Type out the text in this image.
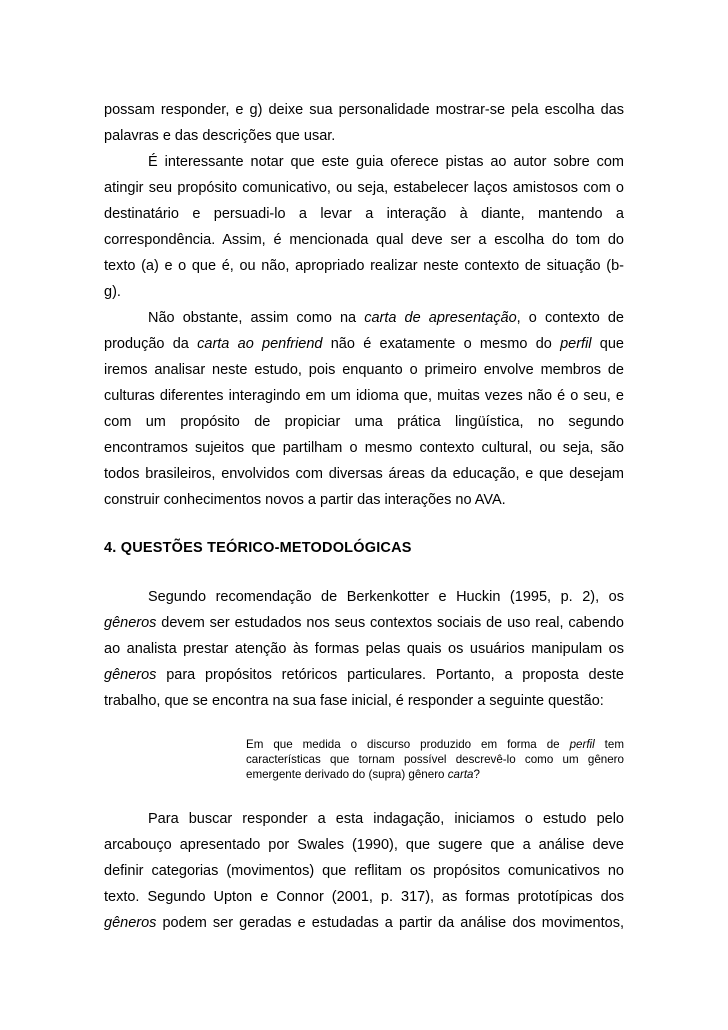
possam responder, e g) deixe sua personalidade mostrar-se pela escolha das
palavras e das descrições que usar.
É interessante notar que este guia oferece pistas ao autor sobre com
atingir seu propósito comunicativo, ou seja, estabelecer laços amistosos com o
destinatário e persuadi-lo a levar a interação à diante, mantendo a
correspondência. Assim, é mencionada qual deve ser a escolha do tom do
texto (a) e o que é, ou não, apropriado realizar neste contexto de situação (b-
g).
Não obstante, assim como na carta de apresentação, o contexto de
produção da carta ao penfriend não é exatamente o mesmo do perfil que
iremos analisar neste estudo, pois enquanto o primeiro envolve membros de
culturas diferentes interagindo em um idioma que, muitas vezes não é o seu, e
com um propósito de propiciar uma prática lingüística, no segundo
encontramos sujeitos que partilham o mesmo contexto cultural, ou seja, são
todos brasileiros, envolvidos com diversas áreas da educação, e que desejam
construir conhecimentos novos a partir das interações no AVA.
4. QUESTÕES TEÓRICO-METODOLÓGICAS
Segundo recomendação de Berkenkotter e Huckin (1995, p. 2), os
gêneros devem ser estudados nos seus contextos sociais de uso real, cabendo
ao analista prestar atenção às formas pelas quais os usuários manipulam os
gêneros para propósitos retóricos particulares. Portanto, a proposta deste
trabalho, que se encontra na sua fase inicial, é responder a seguinte questão:
Em que medida o discurso produzido em forma de perfil tem
características que tornam possível descrevê-lo como um gênero
emergente derivado do (supra) gênero carta?
Para buscar responder a esta indagação, iniciamos o estudo pelo
arcabouço apresentado por Swales (1990), que sugere que a análise deve
definir categorias (movimentos) que reflitam os propósitos comunicativos no
texto. Segundo Upton e Connor (2001, p. 317), as formas prototípicas dos
gêneros podem ser geradas e estudadas a partir da análise dos movimentos,
